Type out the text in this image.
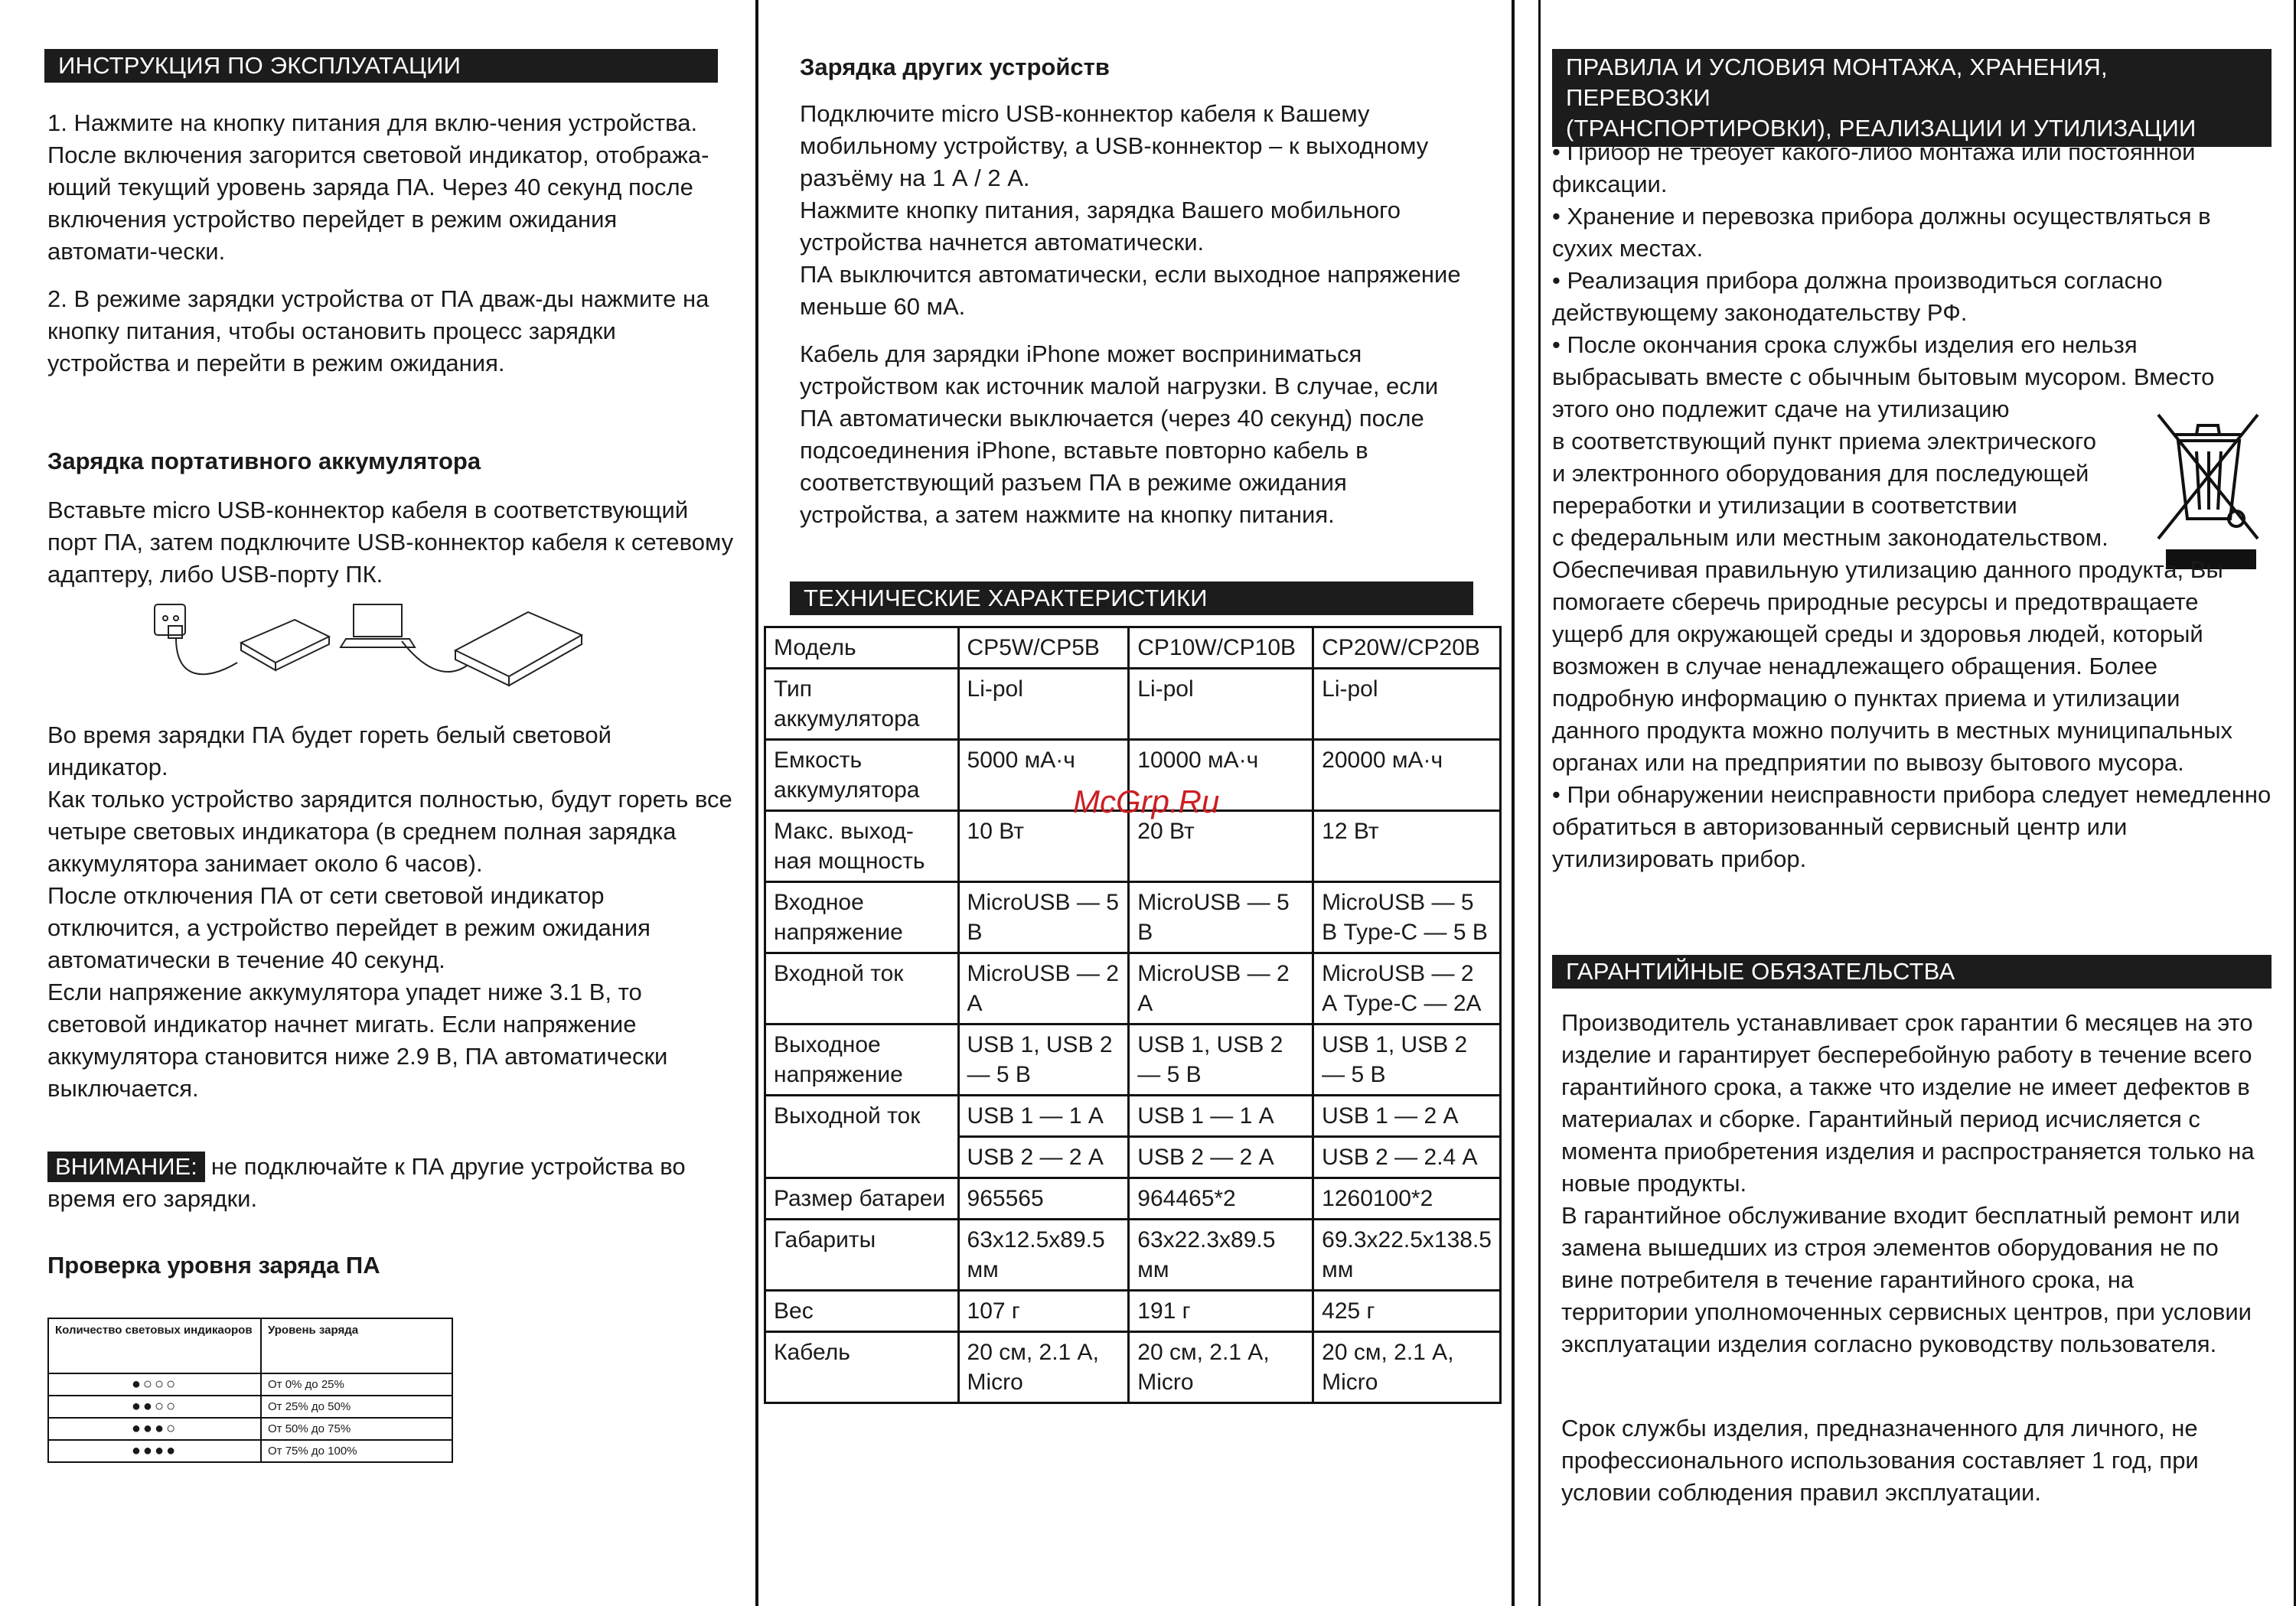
ИНСТРУКЦИЯ ПО ЭКСПЛУАТАЦИИ

1. Нажмите на кнопку питания для вклю-чения устройства. После включения загорится световой индикатор, отобража-ющий текущий уровень заряда ПА. Через 40 секунд после включения устройство перейдет в режим ожидания автомати-чески.

2. В режиме зарядки устройства от ПА дваж-ды нажмите на кнопку питания, чтобы остановить процесс зарядки устройства и перейти в режим ожидания.

Зарядка портативного аккумулятора

Вставьте micro USB-коннектор кабеля в соответствующий порт ПА, затем подключите USB-коннектор кабеля к сетевому адаптеру, либо USB-порту ПК.

Во время зарядки ПА будет гореть белый световой индикатор.

Как только устройство зарядится полностью, будут гореть все четыре световых индикатора (в среднем полная зарядка аккумулятора занимает около 6 часов).

После отключения ПА от сети световой индикатор отключится, а устройство перейдет в режим ожидания автоматически в течение 40 секунд.

Если напряжение аккумулятора упадет ниже 3.1 В, то световой индикатор начнет мигать. Если напряжение аккумулятора становится ниже 2.9 В, ПА автоматически выключается.

ВНИМАНИЕ: не подключайте к ПА другие устройства во время его зарядки.

Проверка уровня заряда ПА
Количество световых индикаоров	Уровень заряда
●○○○	От 0% до 25%
●●○○	От 25% до 50%
●●●○	От 50% до 75%
●●●●	От 75% до 100%
Зарядка других устройств

Подключите micro USB-коннектор кабеля к Вашему мобильному устройству, а USB-коннектор – к выходному разъёму на 1 А / 2 А.

Нажмите кнопку питания, зарядка Вашего мобильного устройства начнется автоматически.

ПА выключится автоматически, если выходное напряжение меньше 60 мА.

Кабель для зарядки iPhone может восприниматься устройством как источник малой нагрузки. В случае, если ПА автоматически выключается (через 40 секунд) после подсоединения iPhone, вставьте повторно кабель в соответствующий разъем ПА в режиме ожидания устройства, а затем нажмите на кнопку питания.

ТЕХНИЧЕСКИЕ ХАРАКТЕРИСТИКИ
Модель	CP5W/CP5B	CP10W/CP10B	CP20W/CP20B
Тип аккумулятора	Li-pol	Li-pol	Li-pol
Емкость аккумулятора	5000 мА·ч	10000 мА·ч	20000 мА·ч
Макс. выход-ная мощность	10 Вт	20 Вт	12 Вт
Входное напряжение	MicroUSB — 5 В	MicroUSB — 5 В	MicroUSB — 5 В Type-C — 5 В
Входной ток	MicroUSB — 2 А	MicroUSB — 2 А	MicroUSB — 2 А Type-C — 2А
Выходное напряжение	USB 1, USB 2 — 5 В	USB 1, USB 2 — 5 В	USB 1, USB 2 — 5 В
Выходной ток	USB 1 — 1 А	USB 1 — 1 А	USB 1 — 2 А
	USB 2 — 2 А	USB 2 — 2 А	USB 2 — 2.4 А
Размер батареи	965565	964465*2	1260100*2
Габариты	63x12.5x89.5 мм	63x22.3x89.5 мм	69.3x22.5x138.5 мм
Вес	107 г	191 г	425 г
Кабель	20 см, 2.1 А, Micro	20 см, 2.1 А, Micro	20 см, 2.1 А, Micro
McGrp.Ru
ПРАВИЛА И УСЛОВИЯ МОНТАЖА, ХРАНЕНИЯ, ПЕРЕВОЗКИ
(ТРАНСПОРТИРОВКИ), РЕАЛИЗАЦИИ И УТИЛИЗАЦИИ

• Прибор не требует какого-либо монтажа или постоянной фиксации.

• Хранение и перевозка прибора должны осуществляться в сухих местах.

• Реализация прибора должна производиться согласно действующему законодательству РФ.

• После окончания срока службы изделия его нельзя выбрасывать вместе с обычным бытовым мусором. Вместо этого оно подлежит сдаче на утилизацию

в соответствующий пункт приема электрического

и электронного оборудования для последующей

переработки и утилизации в соответствии

с федеральным или местным законодательством.

Обеспечивая правильную утилизацию данного продукта, Вы помогаете сберечь природные ресурсы и предотвращаете ущерб для окружающей среды и здоровья людей, который возможен в случае ненадлежащего обращения. Более подробную информацию о пунктах приема и утилизации данного продукта можно получить в местных муниципальных органах или на предприятии по вывозу бытового мусора.

• При обнаружении неисправности прибора следует немедленно обратиться в авторизованный сервисный центр или утилизировать прибор.

ГАРАНТИЙНЫЕ ОБЯЗАТЕЛЬСТВА

Производитель устанавливает срок гарантии 6 месяцев на это изделие и гарантирует бесперебойную работу в течение всего гарантийного срока, а также что изделие не имеет дефектов в материалах и сборке. Гарантийный период исчисляется с момента приобретения изделия и распространяется только на новые продукты.

В гарантийное обслуживание входит бесплатный ремонт или замена вышедших из строя элементов оборудования не по вине потребителя в течение гарантийного срока, на территории уполномоченных сервисных центров, при условии эксплуатации изделия согласно руководству пользователя.

Срок службы изделия, предназначенного для личного, не профессионального использования составляет 1 год, при условии соблюдения правил эксплуатации.
